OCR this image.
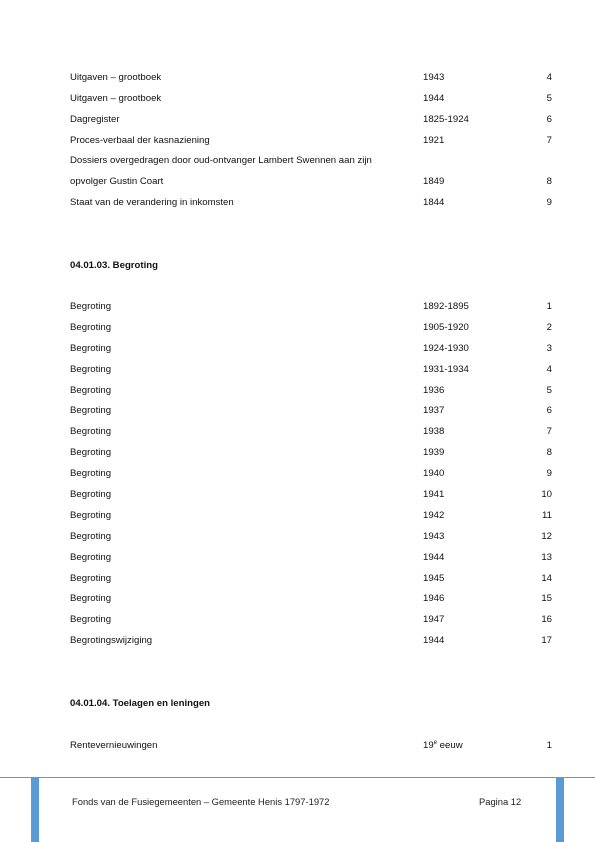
Uitgaven – grootboek	1943	4
Uitgaven – grootboek	1944	5
Dagregister	1825-1924	6
Proces-verbaal der kasnaziening	1921	7
Dossiers overgedragen door oud-ontvanger Lambert Swennen aan zijn
opvolger Gustin Coart	1849	8
Staat van de verandering in inkomsten	1844	9
04.01.03. Begroting
Begroting	1892-1895	1
Begroting	1905-1920	2
Begroting	1924-1930	3
Begroting	1931-1934	4
Begroting	1936	5
Begroting	1937	6
Begroting	1938	7
Begroting	1939	8
Begroting	1940	9
Begroting	1941	10
Begroting	1942	11
Begroting	1943	12
Begroting	1944	13
Begroting	1945	14
Begroting	1946	15
Begroting	1947	16
Begrotingswijziging	1944	17
04.01.04. Toelagen en leningen
Rentevernieuwingen	19e eeuw	1
Fonds van de Fusiegemeenten – Gemeente Henis 1797-1972	Pagina 12
